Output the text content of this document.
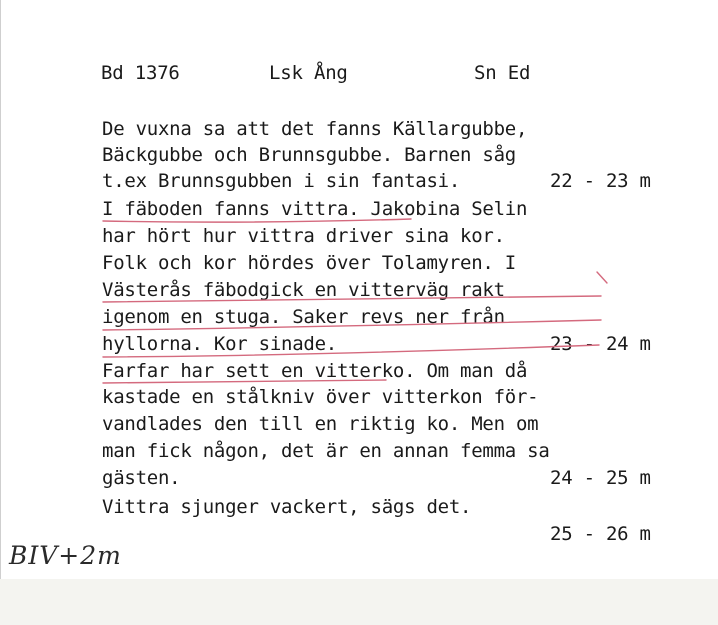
Bd 1376	Lsk Ång	Sn Ed

De vuxna sa att det fanns Källargubbe,

Bäckgubbe och Brunnsgubbe. Barnen såg

t.ex Brunnsgubben i sin fantasi.

	22 - 23 m

I fäboden fanns vittra. Jakobina Selin

har hört hur vittra driver sina kor.

Folk och kor hördes över Tolamyren. I

Västerås fäbodgick en vitterväg rakt

igenom en stuga. Saker revs ner från

hyllorna. Kor sinade.

	23 - 24 m

Farfar har sett en vitterko. Om man då

kastade en stålkniv över vitterkon för-

vandlades den till en riktig ko. Men om

man fick någon, det är en annan femma sa

gästen.

	24 - 25 m

Vittra sjunger vackert, sägs det.

25 - 26 m

BIV+2m
